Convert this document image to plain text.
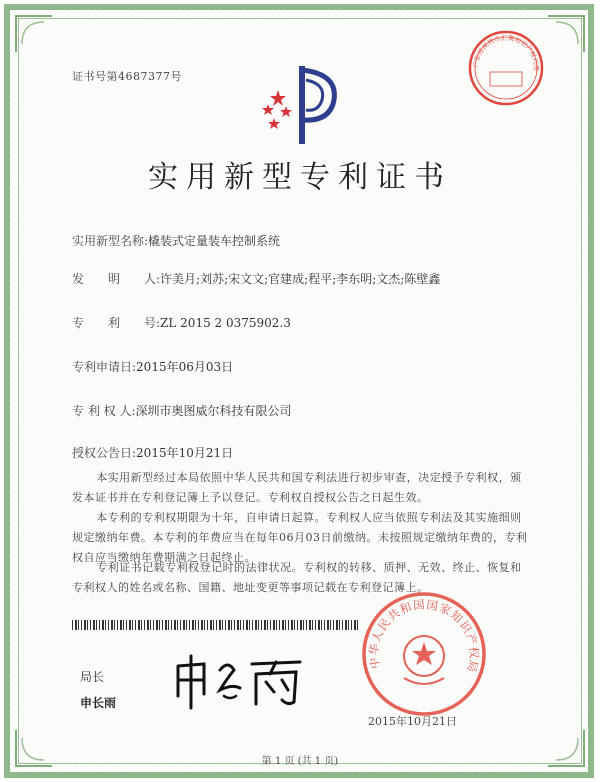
证书号第4687377号
广东省深圳市汇聚知识产权代理
实用新型专利证书
实用新型名称:橇装式定量装车控制系统
发　　明　　人:许美月;刘苏;宋文文;官建成;程平;李东明;文杰;陈壁鑫
专　　利　　号:ZL 2015 2 0375902.3
专利申请日:2015年06月03日
专 利 权 人:深圳市奥图威尔科技有限公司
授权公告日:2015年10月21日
本实用新型经过本局依照中华人民共和国专利法进行初步审查，决定授予专利权，颁发本证书并在专利登记簿上予以登记。专利权自授权公告之日起生效。
本专利的专利权期限为十年，自申请日起算。专利权人应当依照专利法及其实施细则规定缴纳年费。本专利的年费应当在每年06月03日前缴纳。未按照规定缴纳年费的，专利权自应当缴纳年费期满之日起终止。
专利证书记载专利权登记时的法律状况。专利权的转移、质押、无效、终止、恢复和专利权人的姓名或名称、国籍、地址变更等事项记载在专利登记簿上。
局长
申长雨
中华人民共和国国家知识产权局
2015年10月21日
第 1 页 (共 1 页)
